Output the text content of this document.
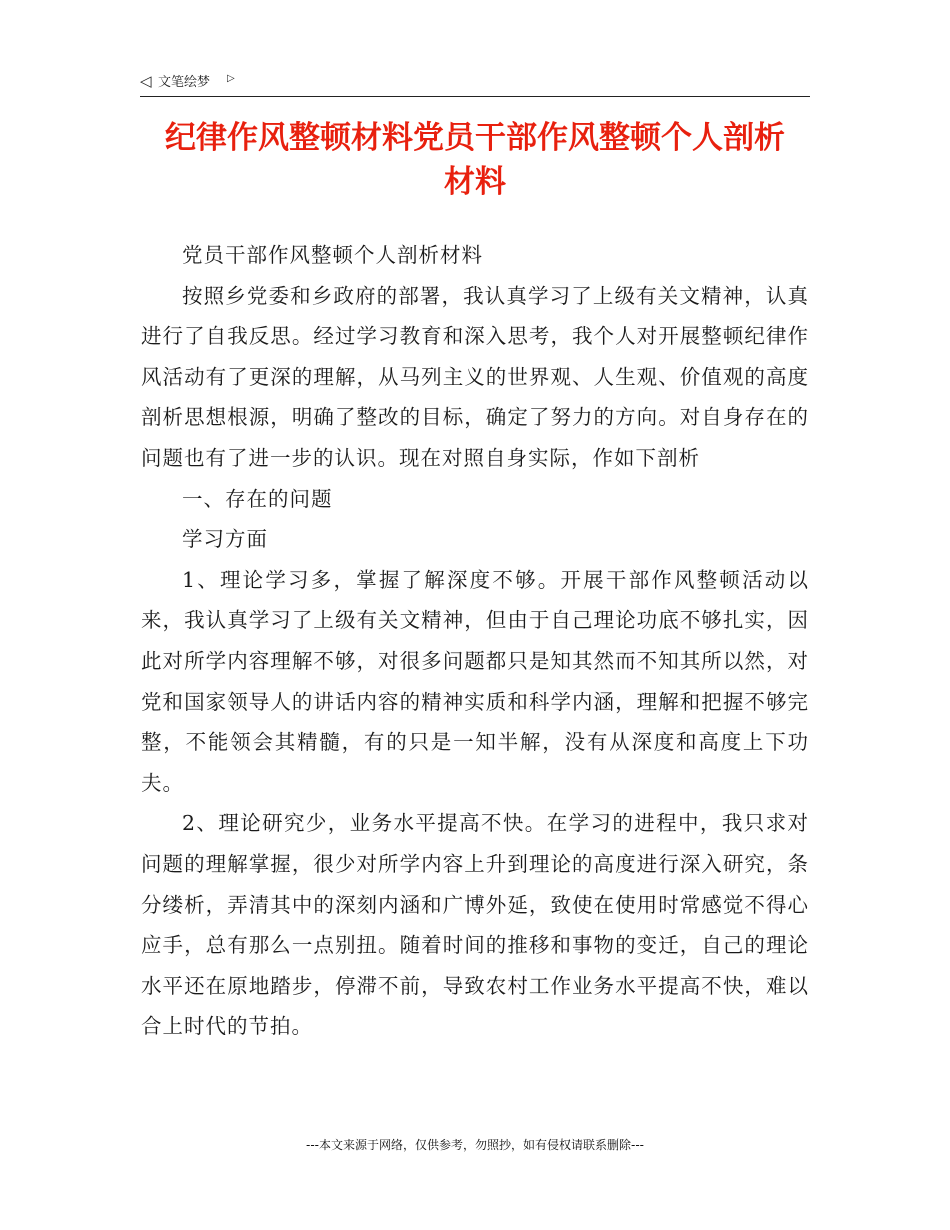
◁ 文笔绘梦 ▷
纪律作风整顿材料党员干部作风整顿个人剖析
材料

党员干部作风整顿个人剖析材料

按照乡党委和乡政府的部署，我认真学习了上级有关文精神，认真进行了自我反思。经过学习教育和深入思考，我个人对开展整顿纪律作风活动有了更深的理解，从马列主义的世界观、人生观、价值观的高度剖析思想根源，明确了整改的目标，确定了努力的方向。对自身存在的问题也有了进一步的认识。现在对照自身实际，作如下剖析

一、存在的问题

学习方面

1、理论学习多，掌握了解深度不够。开展干部作风整顿活动以来，我认真学习了上级有关文精神，但由于自己理论功底不够扎实，因此对所学内容理解不够，对很多问题都只是知其然而不知其所以然，对党和国家领导人的讲话内容的精神实质和科学内涵，理解和把握不够完整，不能领会其精髓，有的只是一知半解，没有从深度和高度上下功夫。

2、理论研究少，业务水平提高不快。在学习的进程中，我只求对问题的理解掌握，很少对所学内容上升到理论的高度进行深入研究，条分缕析，弄清其中的深刻内涵和广博外延，致使在使用时常感觉不得心应手，总有那么一点别扭。随着时间的推移和事物的变迁，自己的理论水平还在原地踏步，停滞不前，导致农村工作业务水平提高不快，难以合上时代的节拍。

---本文来源于网络，仅供参考，勿照抄，如有侵权请联系删除---
